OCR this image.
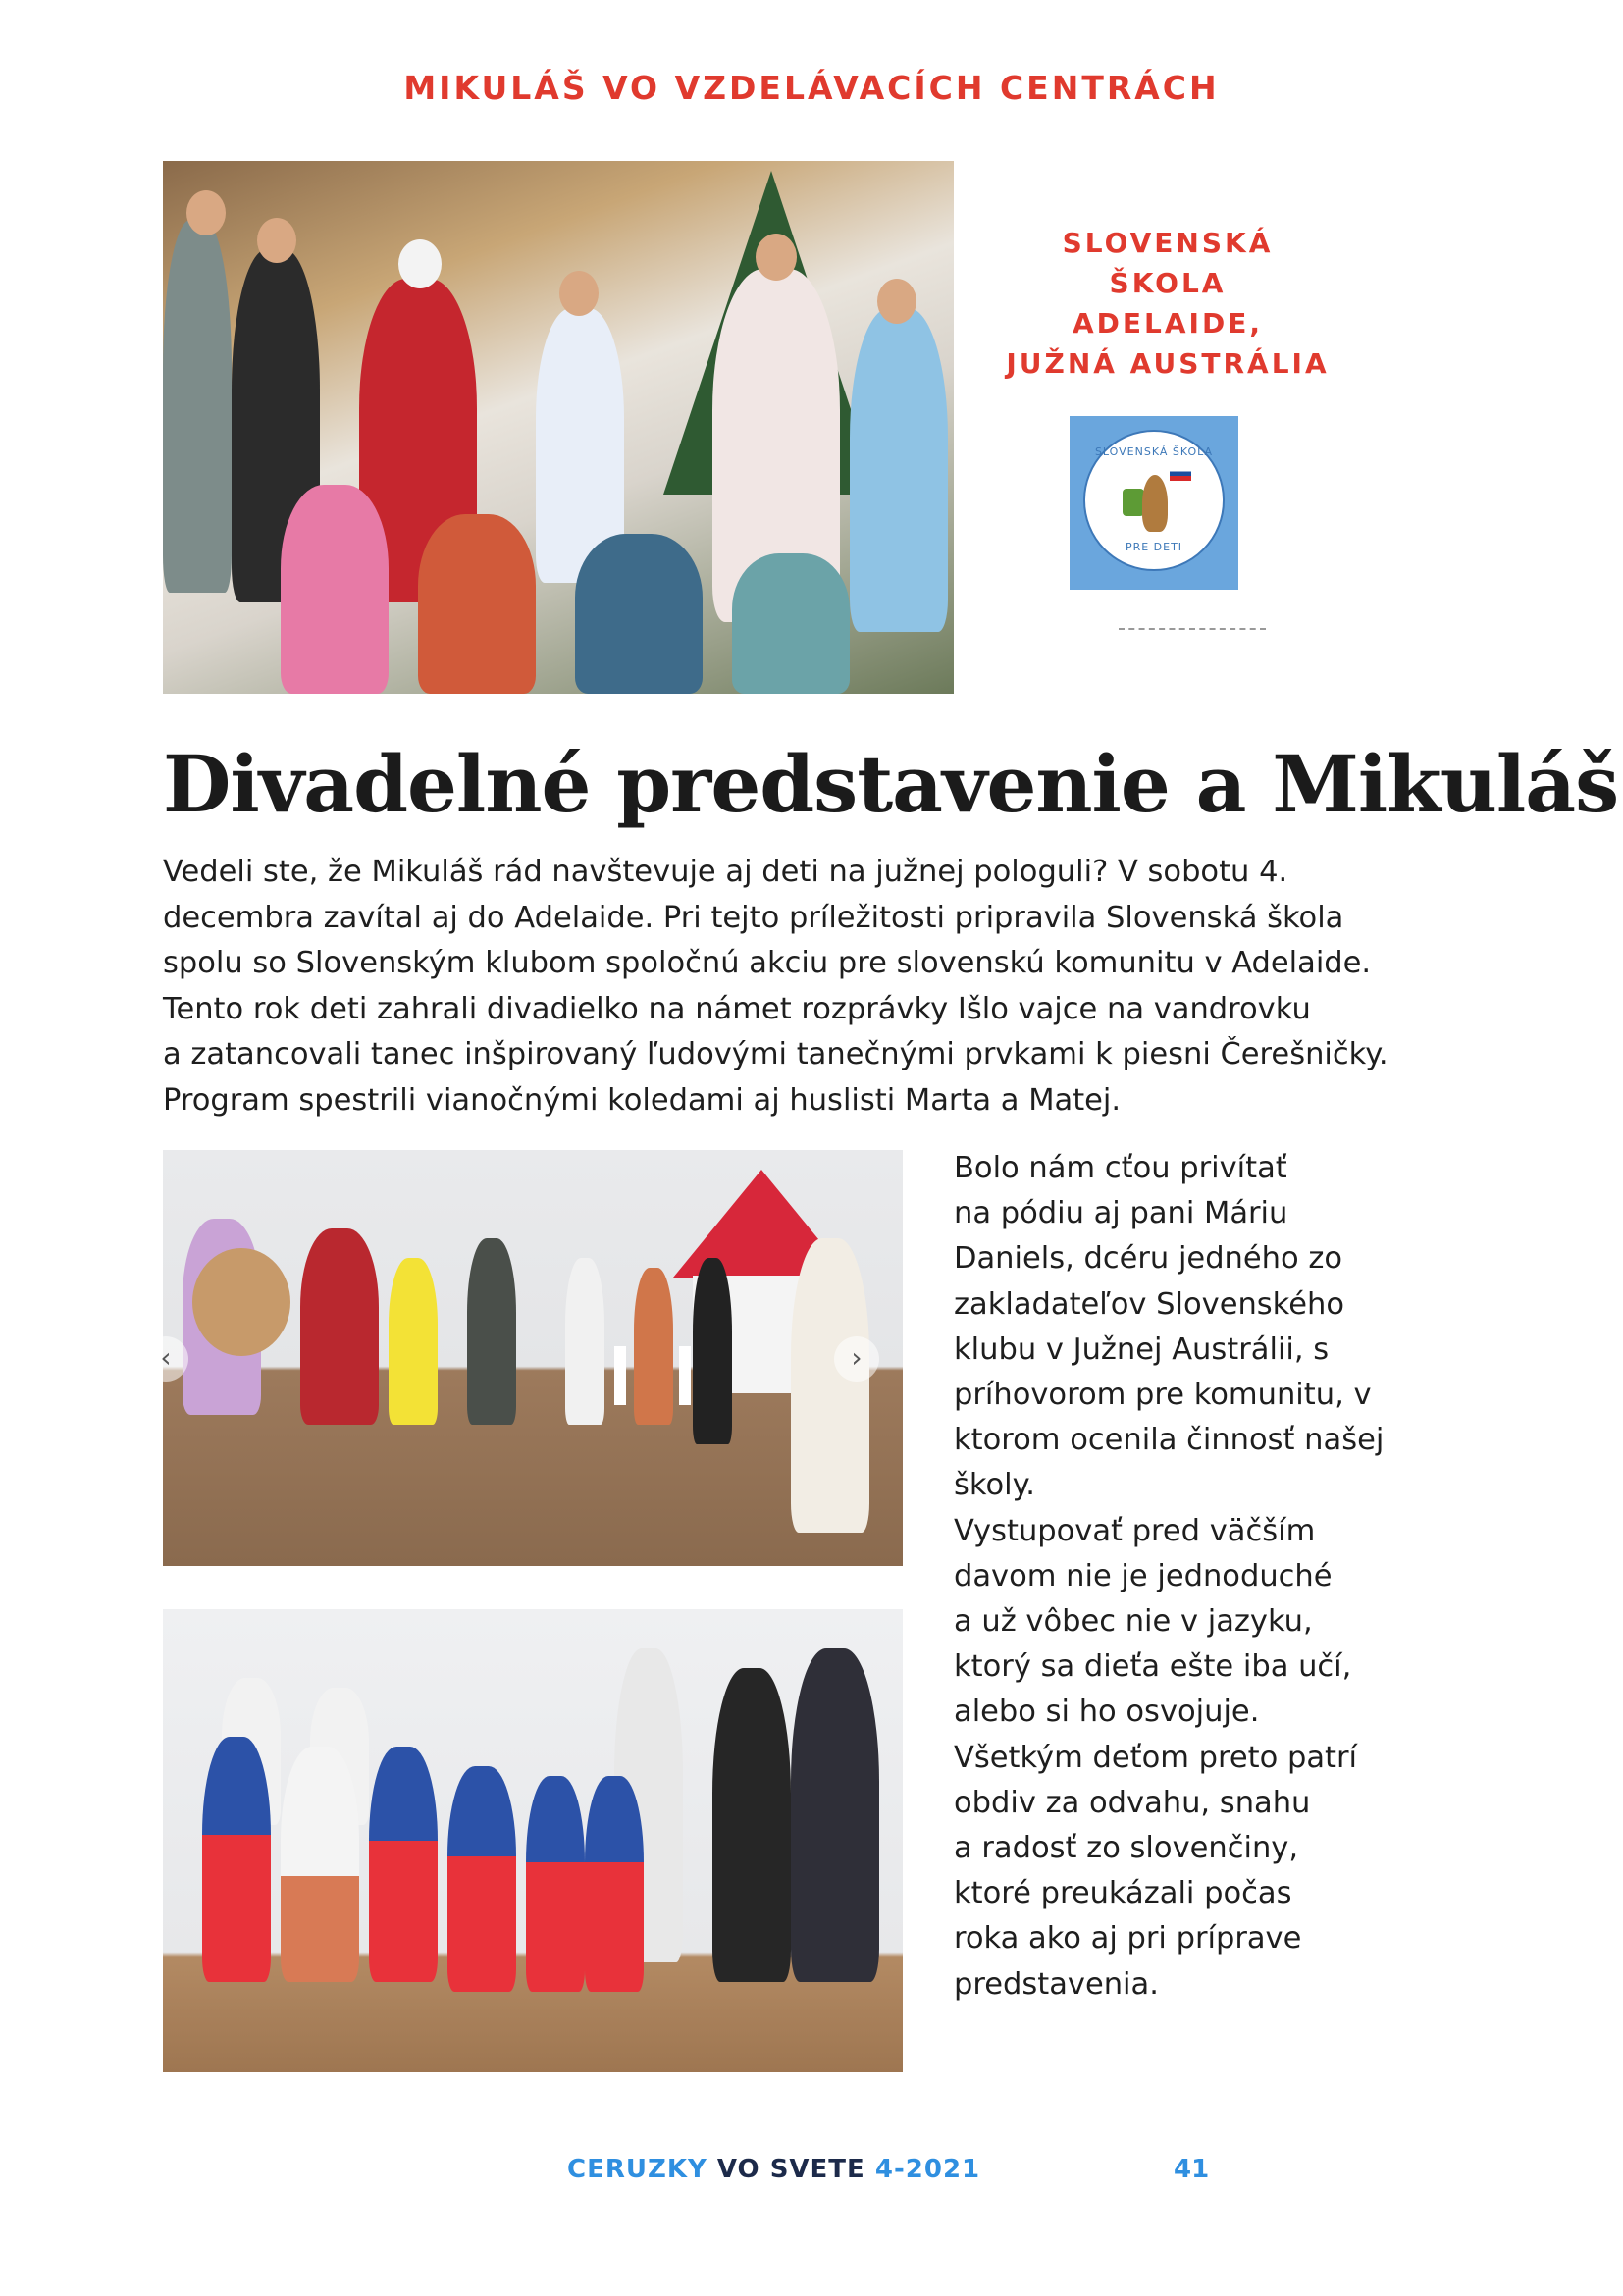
MIKULÁŠ VO VZDELÁVACÍCH CENTRÁCH
SLOVENSKÁ
ŠKOLA
ADELAIDE,
JUŽNÁ AUSTRÁLIA
SLOVENSKÁ ŠKOLA
PRE DETI
Divadelné predstavenie a Mikuláš
Vedeli ste, že Mikuláš rád navštevuje aj deti na južnej pologuli? V sobotu 4.
decembra zavítal aj do Adelaide. Pri tejto príležitosti pripravila Slovenská škola
spolu so Slovenským klubom spoločnú akciu pre slovenskú komunitu v Adelaide.
Tento rok deti zahrali divadielko na námet rozprávky Išlo vajce na vandrovku
a zatancovali tanec inšpirovaný ľudovými tanečnými prvkami k piesni Čerešničky.
Program spestrili vianočnými koledami aj huslisti Marta a Matej.
‹	›
Bolo nám cťou privítať
na pódiu aj pani Máriu
Daniels, dcéru jedného zo
zakladateľov Slovenského
klubu v Južnej Austrálii, s
príhovorom pre komunitu, v
ktorom ocenila činnosť našej
školy.
Vystupovať pred väčším
davom nie je jednoduché
a už vôbec nie v jazyku,
ktorý sa dieťa ešte iba učí,
alebo si ho osvojuje.
Všetkým deťom preto patrí
obdiv za odvahu, snahu
a radosť zo slovenčiny,
ktoré preukázali počas
roka ako aj pri príprave
predstavenia.
CERUZKY VO SVETE 4-2021	41
